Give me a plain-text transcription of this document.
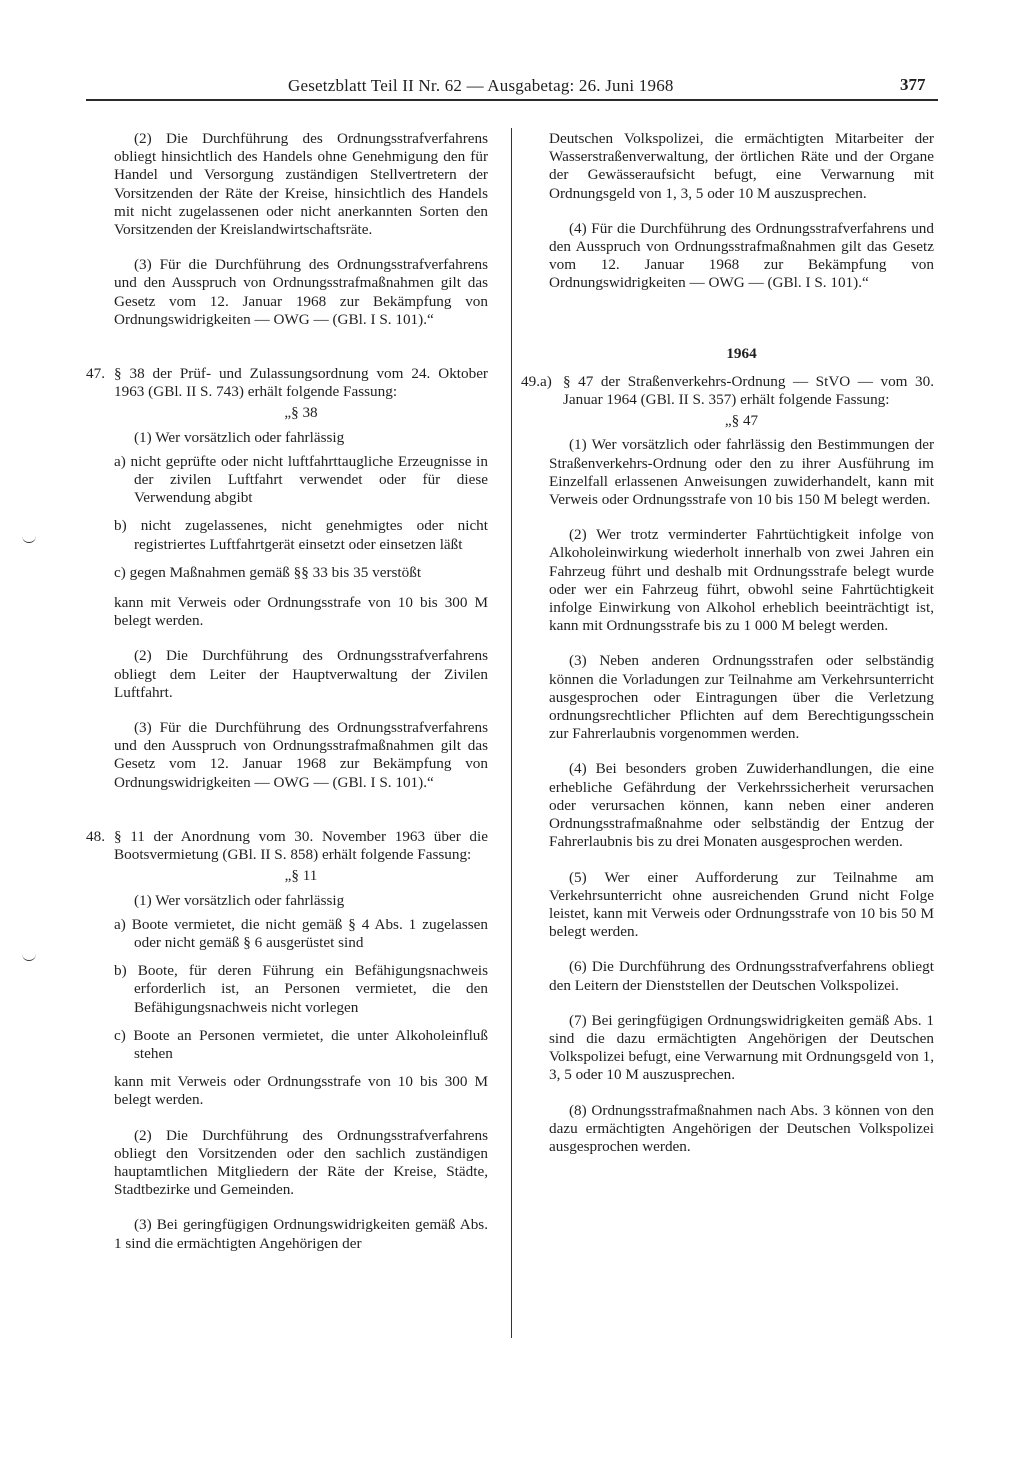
Gesetzblatt Teil II Nr. 62 — Ausgabetag: 26. Juni 1968	377

(2) Die Durchführung des Ordnungsstrafverfahrens obliegt hinsichtlich des Handels ohne Genehmigung den für Handel und Versorgung zuständigen Stellvertretern der Vorsitzenden der Räte der Kreise, hinsichtlich des Handels mit nicht zugelassenen oder nicht anerkannten Sorten den Vorsitzenden der Kreislandwirtschaftsräte.

(3) Für die Durchführung des Ordnungsstrafverfahrens und den Ausspruch von Ordnungsstrafmaßnahmen gilt das Gesetz vom 12. Januar 1968 zur Bekämpfung von Ordnungswidrigkeiten — OWG — (GBl. I S. 101).“

47. § 38 der Prüf- und Zulassungsordnung vom 24. Oktober 1963 (GBl. II S. 743) erhält folgende Fassung:

„§ 38

(1) Wer vorsätzlich oder fahrlässig

a) nicht geprüfte oder nicht luftfahrttaugliche Erzeugnisse in der zivilen Luftfahrt verwendet oder für diese Verwendung abgibt

b) nicht zugelassenes, nicht genehmigtes oder nicht registriertes Luftfahrtgerät einsetzt oder einsetzen läßt

c) gegen Maßnahmen gemäß §§ 33 bis 35 verstößt

kann mit Verweis oder Ordnungsstrafe von 10 bis 300 M belegt werden.

(2) Die Durchführung des Ordnungsstrafverfahrens obliegt dem Leiter der Hauptverwaltung der Zivilen Luftfahrt.

(3) Für die Durchführung des Ordnungsstrafverfahrens und den Ausspruch von Ordnungsstrafmaßnahmen gilt das Gesetz vom 12. Januar 1968 zur Bekämpfung von Ordnungswidrigkeiten — OWG — (GBl. I S. 101).“

48. § 11 der Anordnung vom 30. November 1963 über die Bootsvermietung (GBl. II S. 858) erhält folgende Fassung:

„§ 11

(1) Wer vorsätzlich oder fahrlässig

a) Boote vermietet, die nicht gemäß § 4 Abs. 1 zugelassen oder nicht gemäß § 6 ausgerüstet sind

b) Boote, für deren Führung ein Befähigungsnachweis erforderlich ist, an Personen vermietet, die den Befähigungsnachweis nicht vorlegen

c) Boote an Personen vermietet, die unter Alkoholeinfluß stehen

kann mit Verweis oder Ordnungsstrafe von 10 bis 300 M belegt werden.

(2) Die Durchführung des Ordnungsstrafverfahrens obliegt den Vorsitzenden oder den sachlich zuständigen hauptamtlichen Mitgliedern der Räte der Kreise, Städte, Stadtbezirke und Gemeinden.

(3) Bei geringfügigen Ordnungswidrigkeiten gemäß Abs. 1 sind die ermächtigten Angehörigen der

Deutschen Volkspolizei, die ermächtigten Mitarbeiter der Wasserstraßenverwaltung, der örtlichen Räte und der Organe der Gewässeraufsicht befugt, eine Verwarnung mit Ordnungsgeld von 1, 3, 5 oder 10 M auszusprechen.

(4) Für die Durchführung des Ordnungsstrafverfahrens und den Ausspruch von Ordnungsstrafmaßnahmen gilt das Gesetz vom 12. Januar 1968 zur Bekämpfung von Ordnungswidrigkeiten — OWG — (GBl. I S. 101).“

1964

49.a) § 47 der Straßenverkehrs-Ordnung — StVO — vom 30. Januar 1964 (GBl. II S. 357) erhält folgende Fassung:

„§ 47

(1) Wer vorsätzlich oder fahrlässig den Bestimmungen der Straßenverkehrs-Ordnung oder den zu ihrer Ausführung im Einzelfall erlassenen Anweisungen zuwiderhandelt, kann mit Verweis oder Ordnungsstrafe von 10 bis 150 M belegt werden.

(2) Wer trotz verminderter Fahrtüchtigkeit infolge von Alkoholeinwirkung wiederholt innerhalb von zwei Jahren ein Fahrzeug führt und deshalb mit Ordnungsstrafe belegt wurde oder wer ein Fahrzeug führt, obwohl seine Fahrtüchtigkeit infolge Einwirkung von Alkohol erheblich beeinträchtigt ist, kann mit Ordnungsstrafe bis zu 1 000 M belegt werden.

(3) Neben anderen Ordnungsstrafen oder selbständig können die Vorladungen zur Teilnahme am Verkehrsunterricht ausgesprochen oder Eintragungen über die Verletzung ordnungsrechtlicher Pflichten auf dem Berechtigungsschein zur Fahrerlaubnis vorgenommen werden.

(4) Bei besonders groben Zuwiderhandlungen, die eine erhebliche Gefährdung der Verkehrssicherheit verursachen oder verursachen können, kann neben einer anderen Ordnungsstrafmaßnahme oder selbständig der Entzug der Fahrerlaubnis bis zu drei Monaten ausgesprochen werden.

(5) Wer einer Aufforderung zur Teilnahme am Verkehrsunterricht ohne ausreichenden Grund nicht Folge leistet, kann mit Verweis oder Ordnungsstrafe von 10 bis 50 M belegt werden.

(6) Die Durchführung des Ordnungsstrafverfahrens obliegt den Leitern der Dienststellen der Deutschen Volkspolizei.

(7) Bei geringfügigen Ordnungswidrigkeiten gemäß Abs. 1 sind die dazu ermächtigten Angehörigen der Deutschen Volkspolizei befugt, eine Verwarnung mit Ordnungsgeld von 1, 3, 5 oder 10 M auszusprechen.

(8) Ordnungsstrafmaßnahmen nach Abs. 3 können von den dazu ermächtigten Angehörigen der Deutschen Volkspolizei ausgesprochen werden.
